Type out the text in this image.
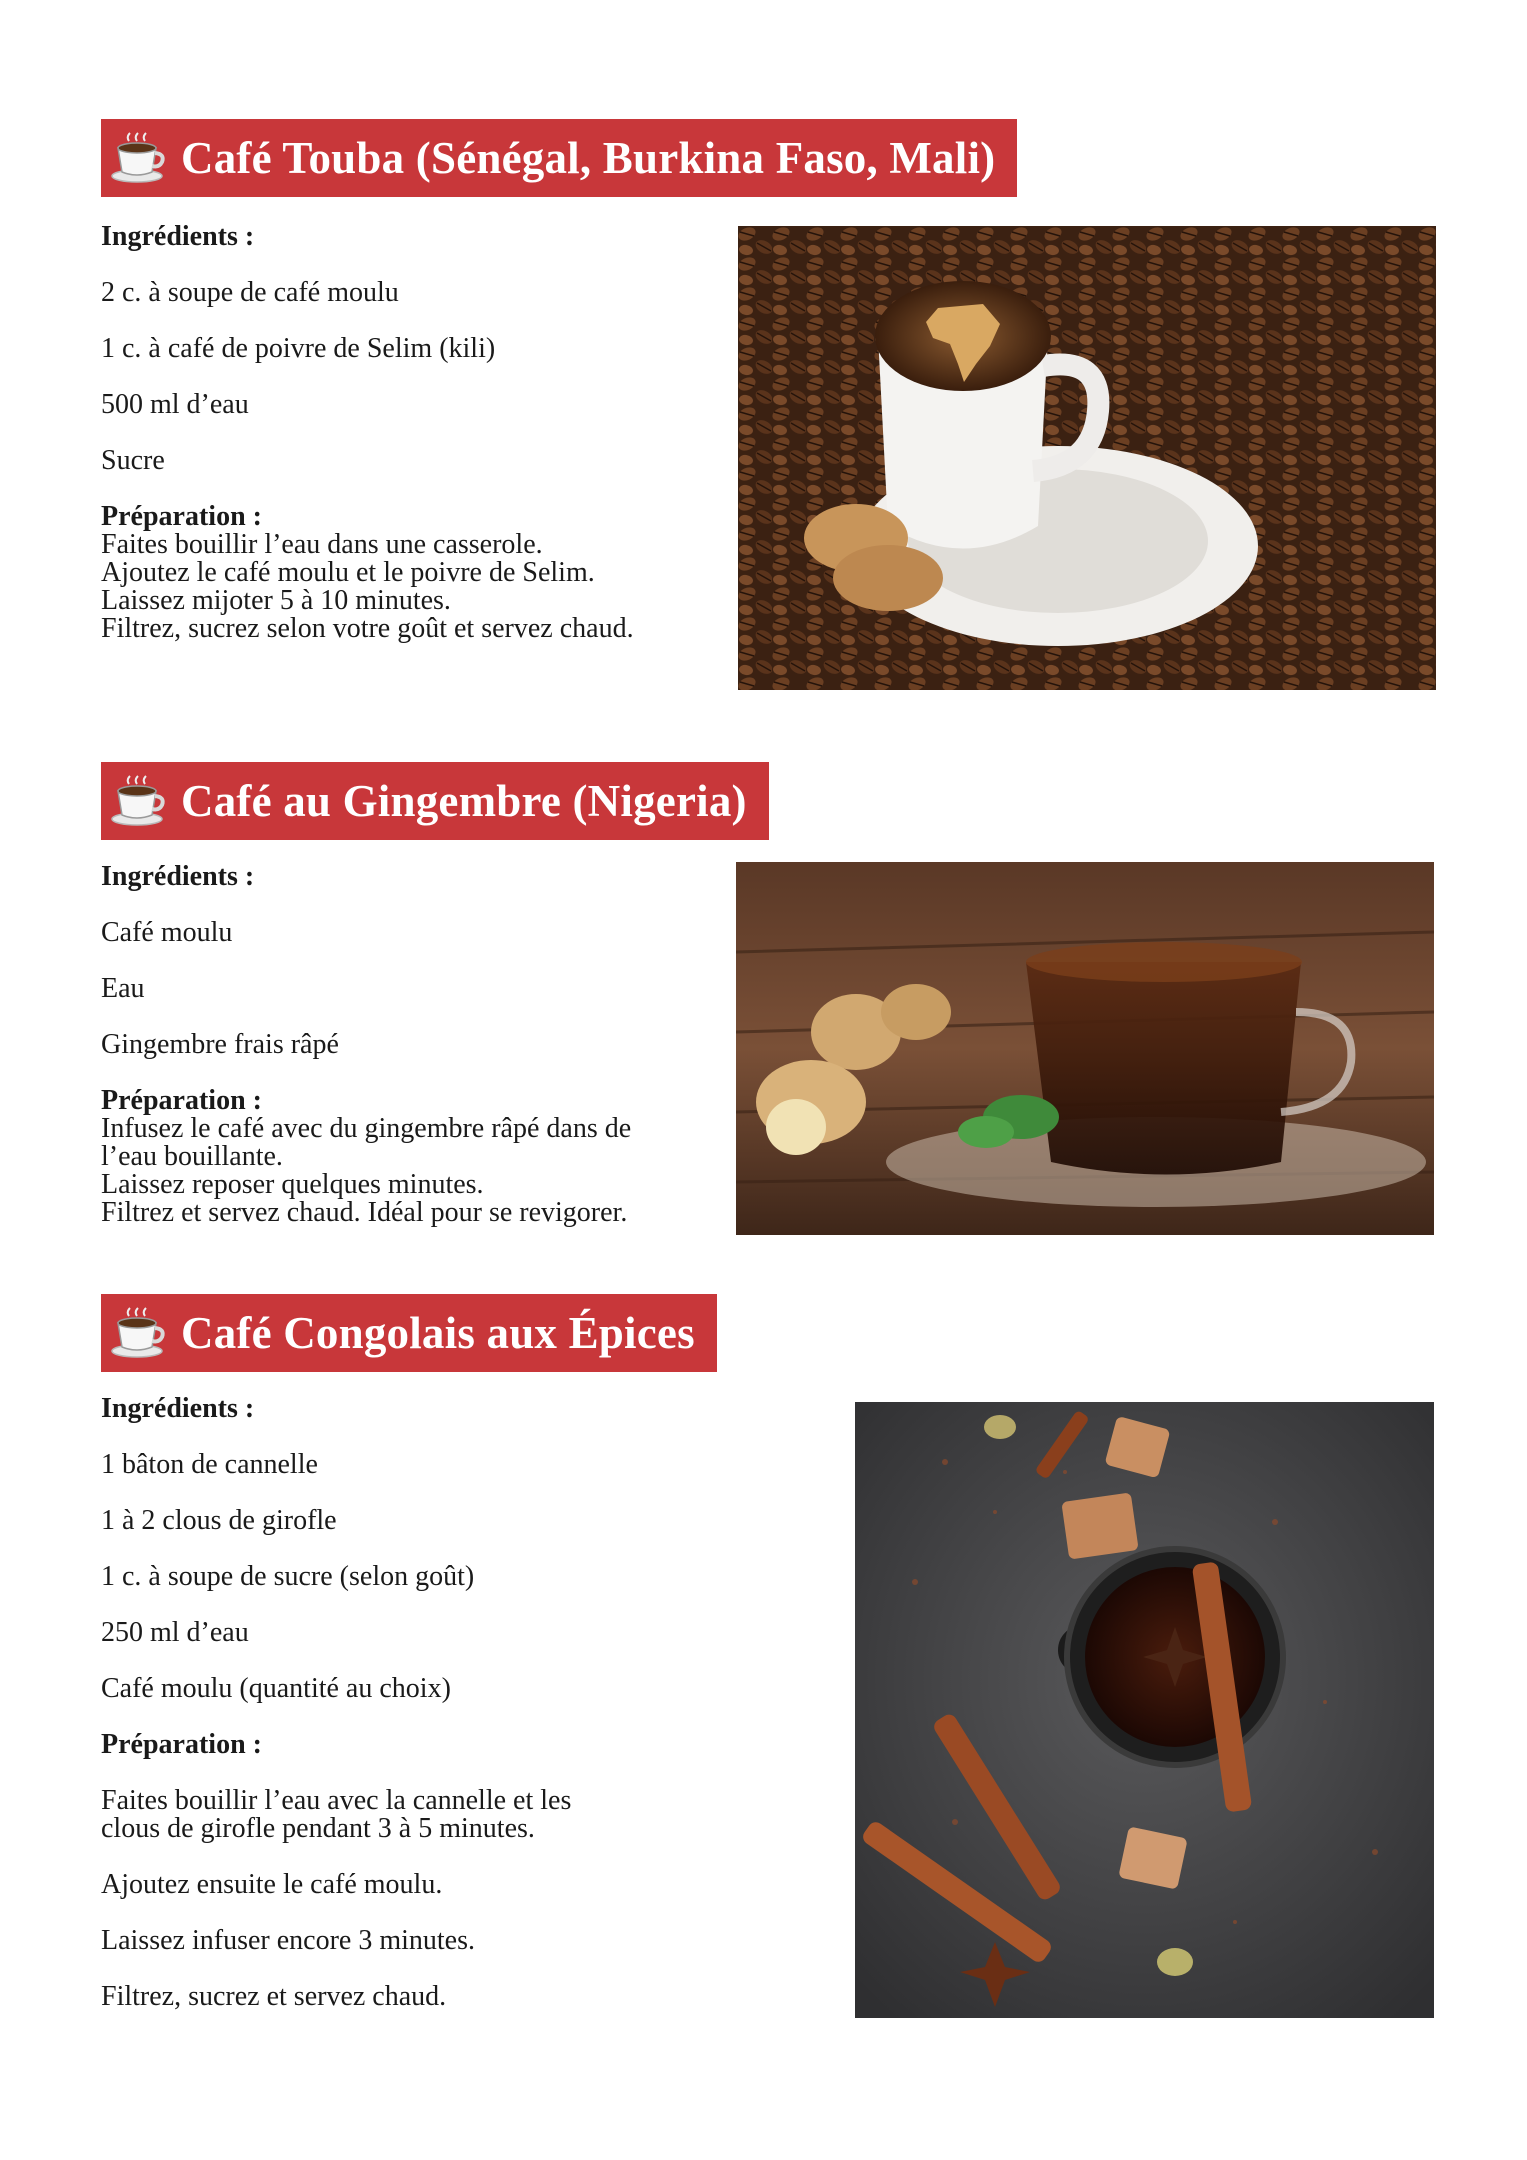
Café Touba (Sénégal, Burkina Faso, Mali)
Ingrédients :
2 c. à soupe de café moulu
1 c. à café de poivre de Selim (kili)
500 ml d’eau
Sucre
Préparation :
Faites bouillir l’eau dans une casserole.
Ajoutez le café moulu et le poivre de Selim.
Laissez mijoter 5 à 10 minutes.
Filtrez, sucrez selon votre goût et servez chaud.
Café au Gingembre (Nigeria)
Ingrédients :
Café moulu
Eau
Gingembre frais râpé
Préparation :
Infusez le café avec du gingembre râpé dans de
l’eau bouillante.
Laissez reposer quelques minutes.
Filtrez et servez chaud. Idéal pour se revigorer.
Café Congolais aux Épices
Ingrédients :
1 bâton de cannelle
1 à 2 clous de girofle
1 c. à soupe de sucre (selon goût)
250 ml d’eau
Café moulu (quantité au choix)
Préparation :
Faites bouillir l’eau avec la cannelle et les
clous de girofle pendant 3 à 5 minutes.
Ajoutez ensuite le café moulu.
Laissez infuser encore 3 minutes.
Filtrez, sucrez et servez chaud.
